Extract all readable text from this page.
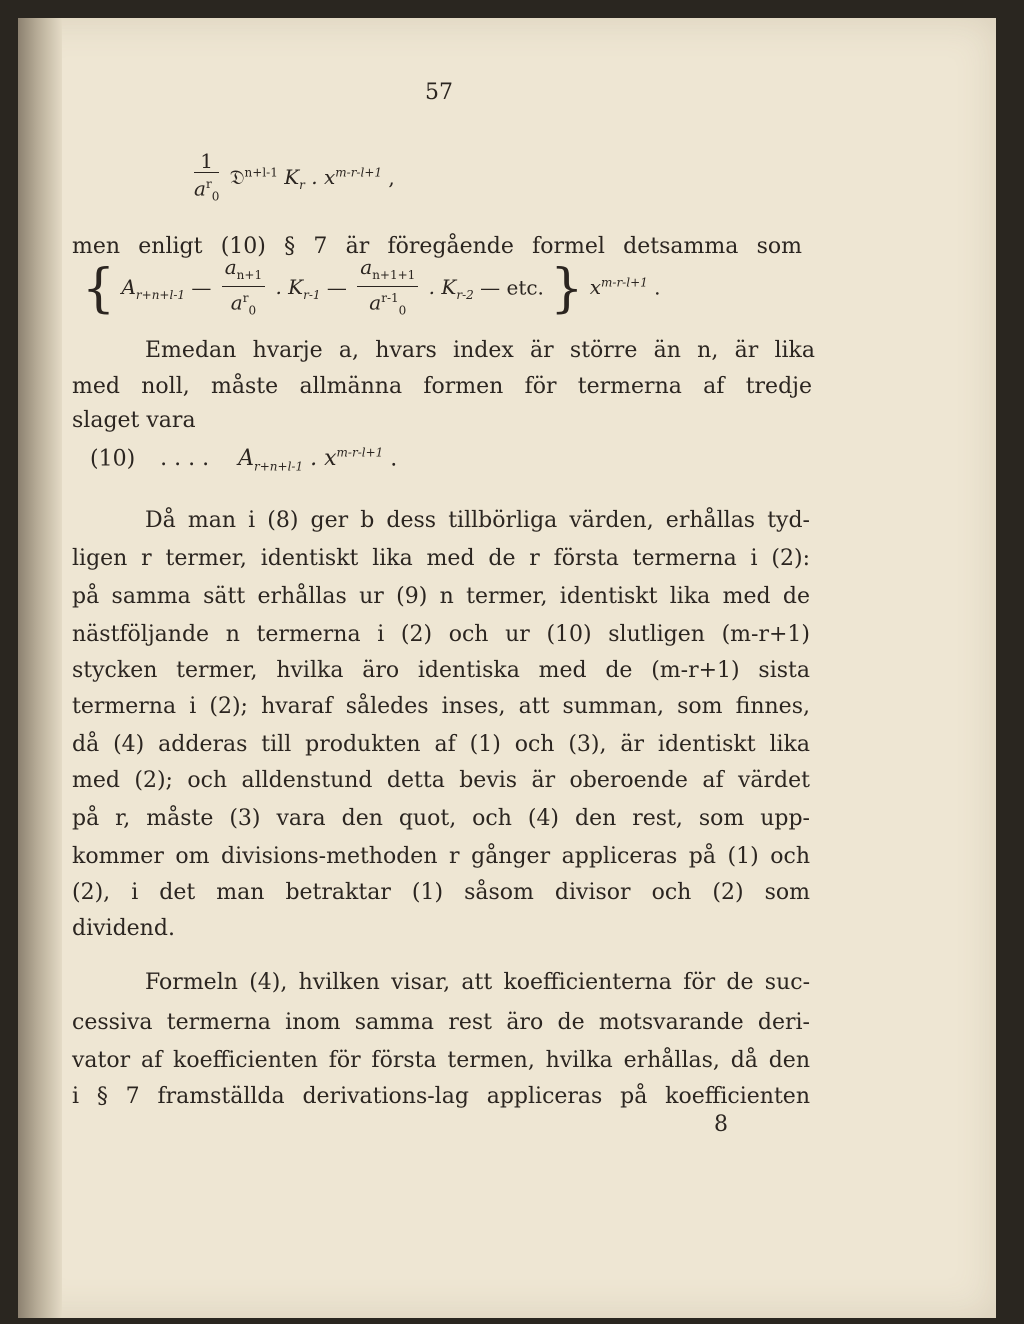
57
$\frac{1}{a^r_0}$ 𝔇$^{n+l-1}$ $K_r$ . $x^{m-r-l+1}$ ,
men enligt (10) § 7 är föregående formel detsamma som
{ $A_{r+n+l-1}$ — $\frac{a_{n+1}}{a^r_0}$ . $K_{r-1}$ — $\frac{a_{n+1+1}}{a^{r-1}_0}$ . $K_{r-2}$ — etc. } $x^{m-r-l+1}$ .
Emedan hvarje a, hvars index är större än n, är lika
med noll, måste allmänna formen för termerna af tredje
slaget vara
(10) . . . . $A_{r+n+l-1}$ . $x^{m-r-l+1}$ .
Då man i (8) ger b dess tillbörliga värden, erhållas tyd-
ligen r termer, identiskt lika med de r första termerna i (2):
på samma sätt erhållas ur (9) n termer, identiskt lika med de
nästföljande n termerna i (2) och ur (10) slutligen (m-r+1)
stycken termer, hvilka äro identiska med de (m-r+1) sista
termerna i (2); hvaraf således inses, att summan, som finnes,
då (4) adderas till produkten af (1) och (3), är identiskt lika
med (2); och alldenstund detta bevis är oberoende af värdet
på r, måste (3) vara den quot, och (4) den rest, som upp-
kommer om divisions-methoden r gånger appliceras på (1) och
(2), i det man betraktar (1) såsom divisor och (2) som
dividend.
Formeln (4), hvilken visar, att koefficienterna för de suc-
cessiva termerna inom samma rest äro de motsvarande deri-
vator af koefficienten för första termen, hvilka erhållas, då den
i § 7 framställda derivations-lag appliceras på koefficienten
8
